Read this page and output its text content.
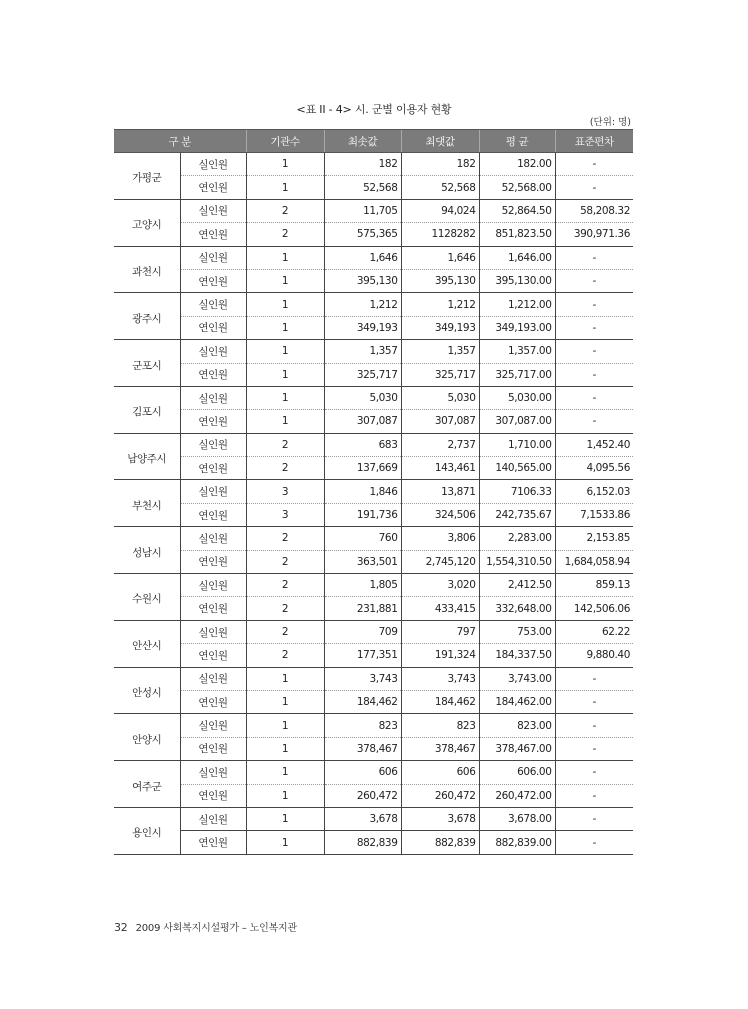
<표 II - 4> 시. 군별 이용자 현황
(단위: 명)
구 분		기관수	최솟값	최댓값	평 균	표준편차
가평군	실인원	1	182	182	182.00	-
	연인원	1	52,568	52,568	52,568.00	-
고양시	실인원	2	11,705	94,024	52,864.50	58,208.32
	연인원	2	575,365	1128282	851,823.50	390,971.36
과천시	실인원	1	1,646	1,646	1,646.00	-
	연인원	1	395,130	395,130	395,130.00	-
광주시	실인원	1	1,212	1,212	1,212.00	-
	연인원	1	349,193	349,193	349,193.00	-
군포시	실인원	1	1,357	1,357	1,357.00	-
	연인원	1	325,717	325,717	325,717.00	-
김포시	실인원	1	5,030	5,030	5,030.00	-
	연인원	1	307,087	307,087	307,087.00	-
남양주시	실인원	2	683	2,737	1,710.00	1,452.40
	연인원	2	137,669	143,461	140,565.00	4,095.56
부천시	실인원	3	1,846	13,871	7106.33	6,152.03
	연인원	3	191,736	324,506	242,735.67	7,1533.86
성남시	실인원	2	760	3,806	2,283.00	2,153.85
	연인원	2	363,501	2,745,120	1,554,310.50	1,684,058.94
수원시	실인원	2	1,805	3,020	2,412.50	859.13
	연인원	2	231,881	433,415	332,648.00	142,506.06
안산시	실인원	2	709	797	753.00	62.22
	연인원	2	177,351	191,324	184,337.50	9,880.40
안성시	실인원	1	3,743	3,743	3,743.00	-
	연인원	1	184,462	184,462	184,462.00	-
안양시	실인원	1	823	823	823.00	-
	연인원	1	378,467	378,467	378,467.00	-
여주군	실인원	1	606	606	606.00	-
	연인원	1	260,472	260,472	260,472.00	-
용인시	실인원	1	3,678	3,678	3,678.00	-
	연인원	1	882,839	882,839	882,839.00	-
32 2009 사회복지시설평가 – 노인복지관
